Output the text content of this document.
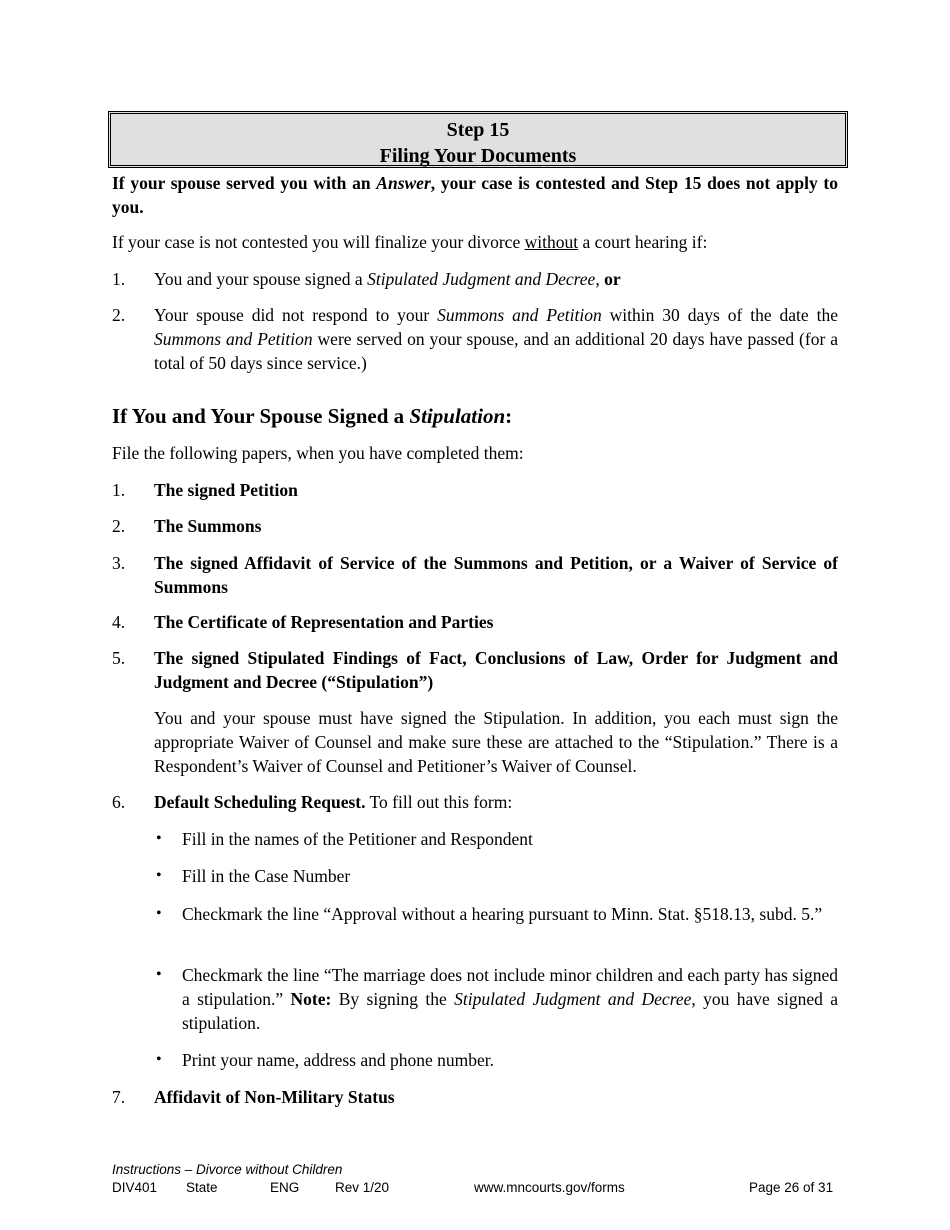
Step 15
Filing Your Documents
If your spouse served you with an Answer, your case is contested and Step 15 does not apply to you.
If your case is not contested you will finalize your divorce without a court hearing if:
1. You and your spouse signed a Stipulated Judgment and Decree, or
2. Your spouse did not respond to your Summons and Petition within 30 days of the date the Summons and Petition were served on your spouse, and an additional 20 days have passed (for a total of 50 days since service.)
If You and Your Spouse Signed a Stipulation:
File the following papers, when you have completed them:
1. The signed Petition
2. The Summons
3. The signed Affidavit of Service of the Summons and Petition, or a Waiver of Service of Summons
4. The Certificate of Representation and Parties
5. The signed Stipulated Findings of Fact, Conclusions of Law, Order for Judgment and Judgment and Decree (“Stipulation”)
You and your spouse must have signed the Stipulation. In addition, you each must sign the appropriate Waiver of Counsel and make sure these are attached to the “Stipulation.” There is a Respondent’s Waiver of Counsel and Petitioner’s Waiver of Counsel.
6. Default Scheduling Request. To fill out this form:
• Fill in the names of the Petitioner and Respondent
• Fill in the Case Number
• Checkmark the line “Approval without a hearing pursuant to Minn. Stat. §518.13, subd. 5.”
• Checkmark the line “The marriage does not include minor children and each party has signed a stipulation.” Note: By signing the Stipulated Judgment and Decree, you have signed a stipulation.
• Print your name, address and phone number.
7. Affidavit of Non-Military Status
Instructions – Divorce without Children
DIV401 State	ENG	Rev 1/20	www.mncourts.gov/forms	Page 26 of 31
